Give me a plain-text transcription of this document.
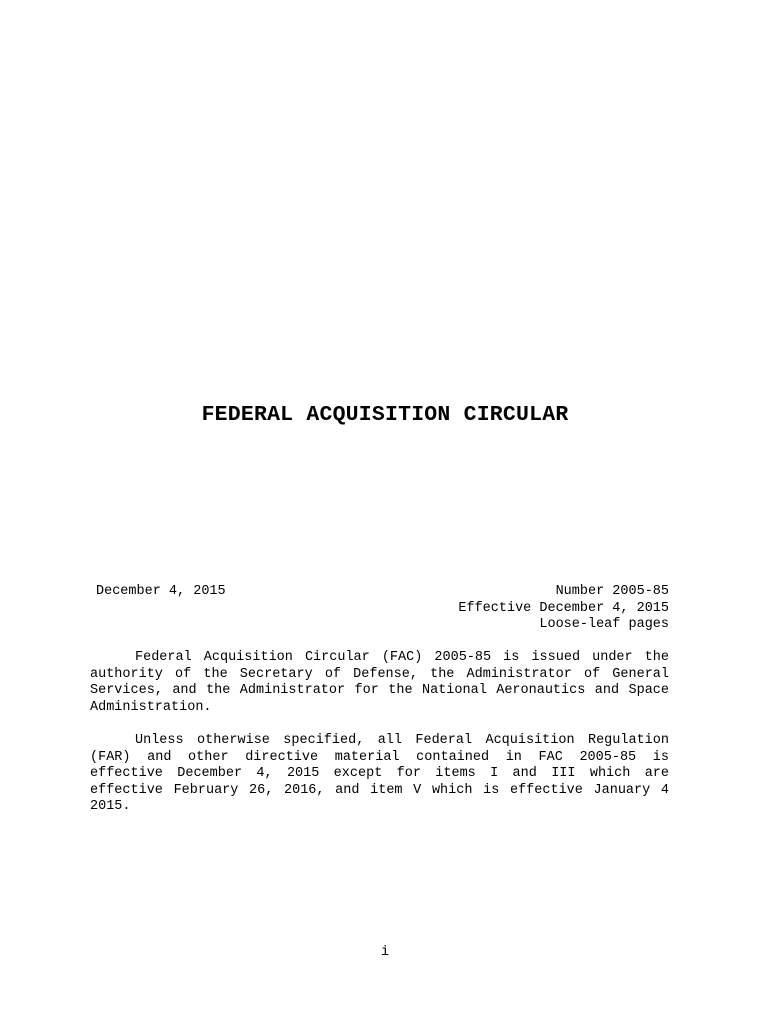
FEDERAL ACQUISITION CIRCULAR
December 4, 2015	Number 2005-85
Effective December 4, 2015
Loose-leaf pages

Federal Acquisition Circular (FAC) 2005-85 is issued under the authority of the Secretary of Defense, the Administrator of General Services, and the Administrator for the National Aeronautics and Space Administration.

Unless otherwise specified, all Federal Acquisition Regulation (FAR) and other directive material contained in FAC 2005-85 is effective December 4, 2015 except for items I and III which are effective February 26, 2016, and item V which is effective January 4 2015.

i
